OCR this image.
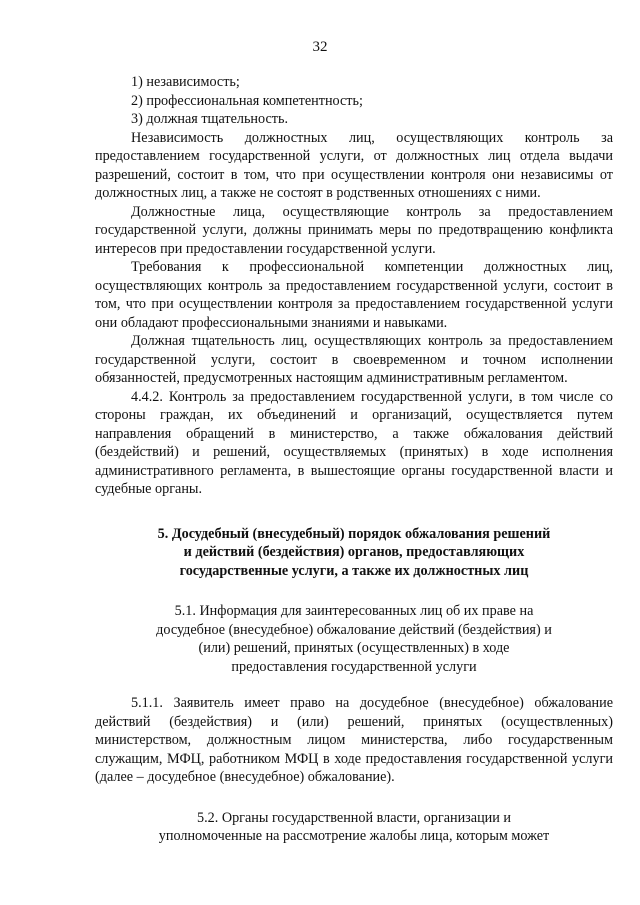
32

1) независимость;

2) профессиональная компетентность;

3) должная тщательность.

Независимость должностных лиц, осуществляющих контроль за предоставлением государственной услуги, от должностных лиц отдела выдачи разрешений, состоит в том, что при осуществлении контроля они независимы от должностных лиц, а также не состоят в родственных отношениях с ними.

Должностные лица, осуществляющие контроль за предоставлением государственной услуги, должны принимать меры по предотвращению конфликта интересов при предоставлении государственной услуги.

Требования к профессиональной компетенции должностных лиц, осуществляющих контроль за предоставлением государственной услуги, состоит в том, что при осуществлении контроля за предоставлением государственной услуги они обладают профессиональными знаниями и навыками.

Должная тщательность лиц, осуществляющих контроль за предоставлением государственной услуги, состоит в своевременном и точном исполнении обязанностей, предусмотренных настоящим административным регламентом.

4.4.2. Контроль за предоставлением государственной услуги, в том числе со стороны граждан, их объединений и организаций, осуществляется путем направления обращений в министерство, а также обжалования действий (бездействий) и решений, осуществляемых (принятых) в ходе исполнения административного регламента, в вышестоящие органы государственной власти и судебные органы.

5. Досудебный (внесудебный) порядок обжалования решений
и действий (бездействия) органов, предоставляющих
государственные услуги, а также их должностных лиц
5.1. Информация для заинтересованных лиц об их праве на
досудебное (внесудебное) обжалование действий (бездействия) и
(или) решений, принятых (осуществленных) в ходе
предоставления государственной услуги

5.1.1. Заявитель имеет право на досудебное (внесудебное) обжалование действий (бездействия) и (или) решений, принятых (осуществленных) министерством, должностным лицом министерства, либо государственным служащим, МФЦ, работником МФЦ в ходе предоставления государственной услуги (далее – досудебное (внесудебное) обжалование).

5.2. Органы государственной власти, организации и
уполномоченные на рассмотрение жалобы лица, которым может
